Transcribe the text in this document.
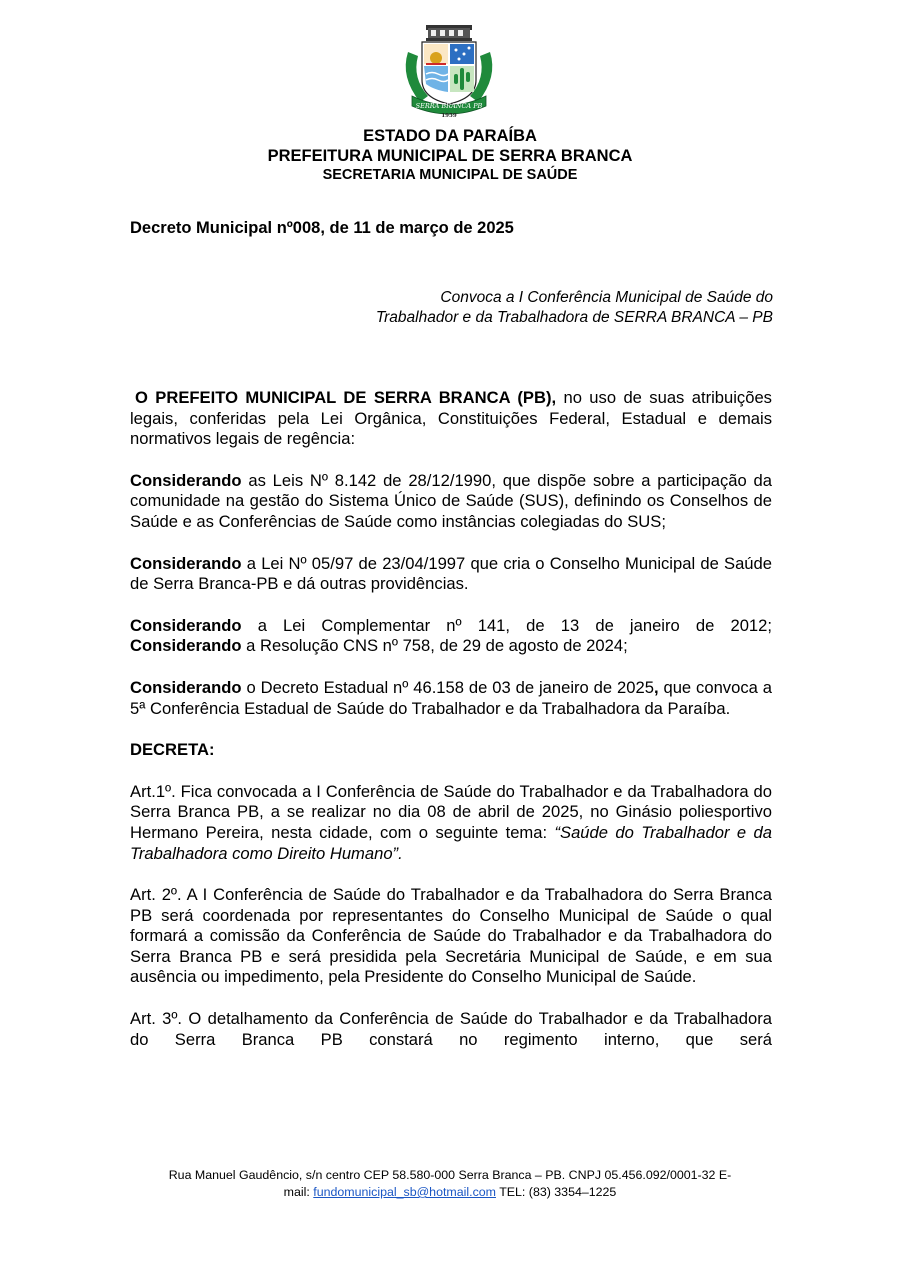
SERRA BRANCA PB
1959
ESTADO DA PARAÍBA
PREFEITURA MUNICIPAL DE SERRA BRANCA
SECRETARIA MUNICIPAL DE SAÚDE
Decreto Municipal nº008, de 11 de março de 2025
Convoca a I Conferência Municipal de Saúde do
Trabalhador e da Trabalhadora de SERRA BRANCA – PB

O PREFEITO MUNICIPAL DE SERRA BRANCA (PB), no uso de suas atribuições legais, conferidas pela Lei Orgânica, Constituições Federal, Estadual e demais normativos legais de regência:

Considerando as Leis Nº 8.142 de 28/12/1990, que dispõe sobre a participação da comunidade na gestão do Sistema Único de Saúde (SUS), definindo os Conselhos de Saúde e as Conferências de Saúde como instâncias colegiadas do SUS;

Considerando a Lei Nº 05/97 de 23/04/1997 que cria o Conselho Municipal de Saúde de Serra Branca-PB e dá outras providências.

Considerando a Lei Complementar nº 141, de 13 de janeiro de 2012;
Considerando a Resolução CNS nº 758, de 29 de agosto de 2024;

Considerando o Decreto Estadual nº 46.158 de 03 de janeiro de 2025, que convoca a 5ª Conferência Estadual de Saúde do Trabalhador e da Trabalhadora da Paraíba.

DECRETA:

Art.1º. Fica convocada a I Conferência de Saúde do Trabalhador e da Trabalhadora do Serra Branca PB, a se realizar no dia 08 de abril de 2025, no Ginásio poliesportivo Hermano Pereira, nesta cidade, com o seguinte tema: “Saúde do Trabalhador e da Trabalhadora como Direito Humano”.

Art. 2º. A I Conferência de Saúde do Trabalhador e da Trabalhadora do Serra Branca PB será coordenada por representantes do Conselho Municipal de Saúde o qual formará a comissão da Conferência de Saúde do Trabalhador e da Trabalhadora do Serra Branca PB e será presidida pela Secretária Municipal de Saúde, e em sua ausência ou impedimento, pela Presidente do Conselho Municipal de Saúde.

Art. 3º. O detalhamento da Conferência de Saúde do Trabalhador e da Trabalhadora do Serra Branca PB constará no regimento interno, que será

Rua Manuel Gaudêncio, s/n centro CEP 58.580-000 Serra Branca – PB. CNPJ 05.456.092/0001-32 E-
mail: fundomunicipal_sb@hotmail.com TEL: (83) 3354–1225
